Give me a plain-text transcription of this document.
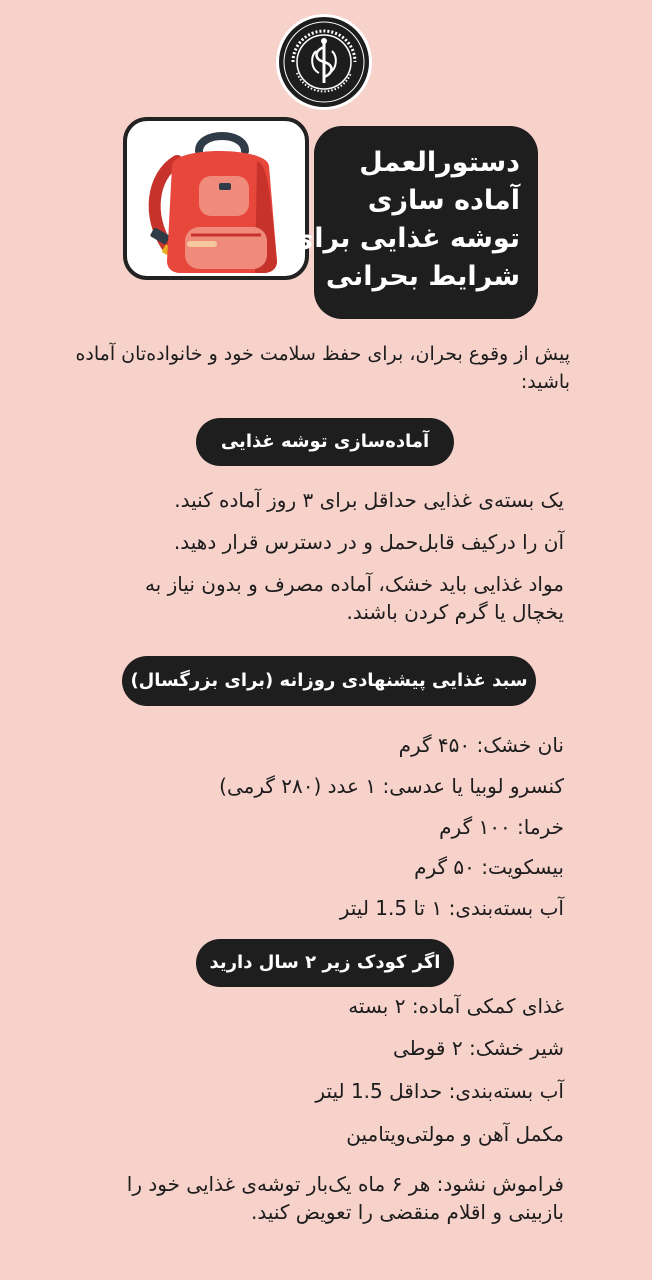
دستورالعمل
آماده سازی
توشه غذایی برای
شرایط بحرانی
پیش از وقوع بحران، برای حفظ سلامت خود و خانواده‌تان آماده باشید:
آماده‌سازی توشه غذایی
یک بسته‌ی غذایی حداقل برای ۳ روز آماده کنید.
آن را درکیف قابل‌حمل و در دسترس قرار دهید.
مواد غذایی باید خشک، آماده مصرف و بدون نیاز به یخچال یا گرم کردن باشند.
سبد غذایی پیشنهادی روزانه (برای بزرگسال)
نان خشک: ۴۵۰ گرم
کنسرو لوبیا یا عدسی: ۱ عدد (۲۸۰ گرمی)
خرما: ۱۰۰ گرم
بیسکویت: ۵۰ گرم
آب بسته‌بندی: ۱ تا 1.5 لیتر
اگر کودک زیر ۲ سال دارید
غذای کمکی آماده: ۲ بسته
شیر خشک: ۲ قوطی
آب بسته‌بندی: حداقل 1.5 لیتر
مکمل آهن و مولتی‌ویتامین
فراموش نشود: هر ۶ ماه یک‌بار توشه‌ی غذایی خود را بازبینی و اقلام منقضی را تعویض کنید.
